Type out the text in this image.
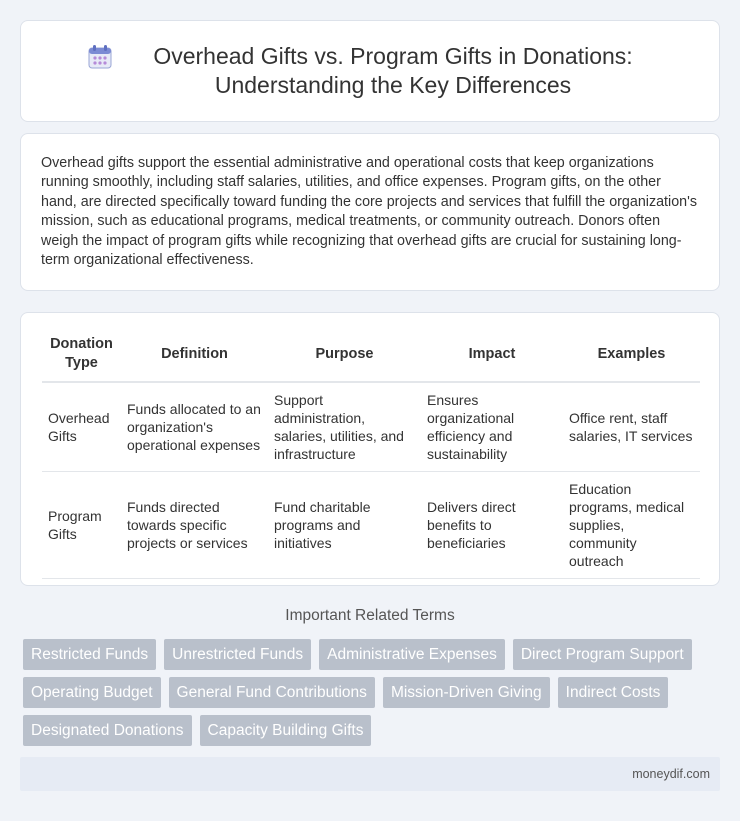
Overhead Gifts vs. Program Gifts in Donations: Understanding the Key Differences

Overhead gifts support the essential administrative and operational costs that keep organizations running smoothly, including staff salaries, utilities, and office expenses. Program gifts, on the other hand, are directed specifically toward funding the core projects and services that fulfill the organization's mission, such as educational programs, medical treatments, or community outreach. Donors often weigh the impact of program gifts while recognizing that overhead gifts are crucial for sustaining long-term organizational effectiveness.

Donation Type	Definition	Purpose	Impact	Examples
Overhead Gifts	Funds allocated to an organization's operational expenses	Support administration, salaries, utilities, and infrastructure	Ensures organizational efficiency and sustainability	Office rent, staff salaries, IT services
Program Gifts	Funds directed towards specific projects or services	Fund charitable programs and initiatives	Delivers direct benefits to beneficiaries	Education programs, medical supplies, community outreach
Important Related Terms
Restricted Funds	Unrestricted Funds	Administrative Expenses	Direct Program Support
Operating Budget	General Fund Contributions	Mission-Driven Giving	Indirect Costs
Designated Donations	Capacity Building Gifts
moneydif.com
